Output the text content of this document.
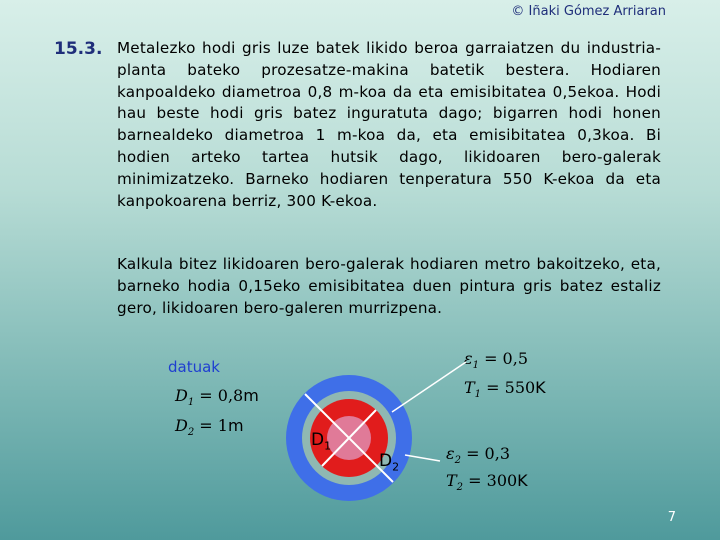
© Iñaki Gómez Arriaran
15.3. Metalezko hodi gris luze batek likido beroa garraiatzen du industria-planta bateko prozesatze-makina batetik bestera. Hodiaren kanpoaldeko diametroa 0,8 m-koa da eta emisibitatea 0,5ekoa. Hodi hau beste hodi gris batez inguratuta dago; bigarren hodi honen barnealdeko diametroa 1 m-koa da, eta emisibitatea 0,3koa. Bi hodien arteko tartea hutsik dago, likidoaren bero-galerak minimizatzeko. Barneko hodiaren tenperatura 550 K-ekoa da eta kanpokoarena berriz, 300 K-ekoa.
Kalkula bitez likidoaren bero-galerak hodiaren metro bakoitzeko, eta, barneko hodia 0,15eko emisibitatea duen pintura gris batez estaliz gero, likidoaren bero-galeren murrizpena.
datuak
$D_1 = 0,8m$
$D_2 = 1m$
$\varepsilon_1 = 0,5$
$T_1 = 550K$
$\varepsilon_2 = 0,3$
$T_2 = 300K$
$D_1$
$D_2$
7
